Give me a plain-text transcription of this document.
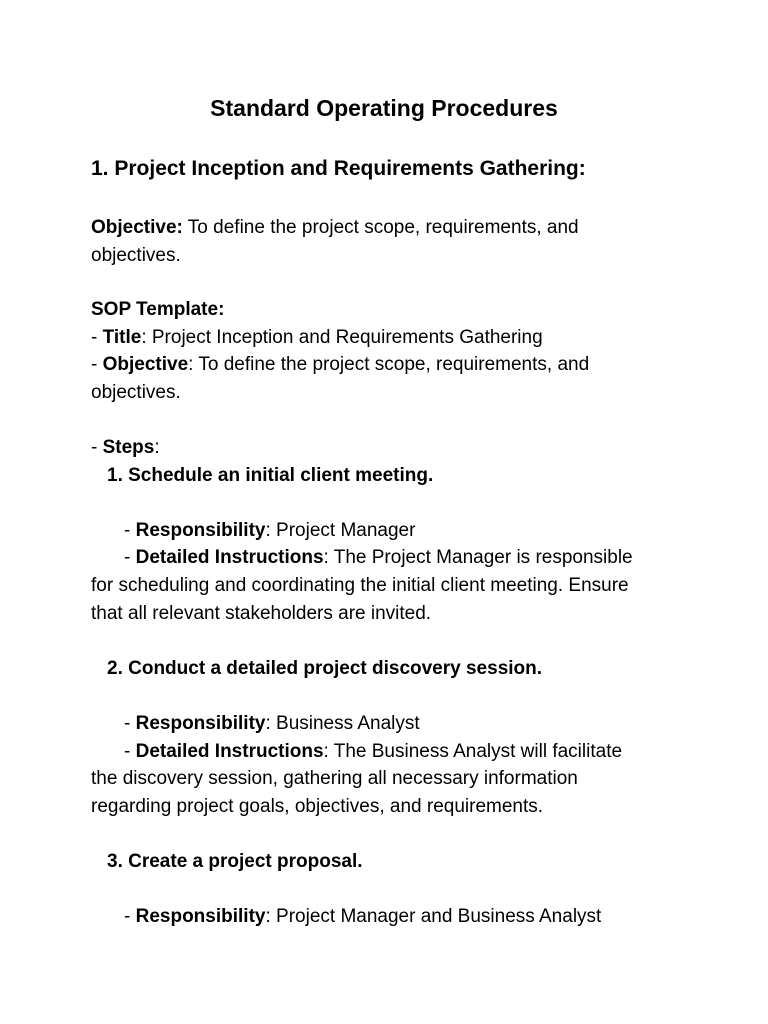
Standard Operating Procedures
1. Project Inception and Requirements Gathering:
Objective: To define the project scope, requirements, and
objectives.
SOP Template:
- Title: Project Inception and Requirements Gathering
- Objective: To define the project scope, requirements, and
objectives.
- Steps:
1. Schedule an initial client meeting.
- Responsibility: Project Manager
- Detailed Instructions: The Project Manager is responsible
for scheduling and coordinating the initial client meeting. Ensure
that all relevant stakeholders are invited.
2. Conduct a detailed project discovery session.
- Responsibility: Business Analyst
- Detailed Instructions: The Business Analyst will facilitate
the discovery session, gathering all necessary information
regarding project goals, objectives, and requirements.
3. Create a project proposal.
- Responsibility: Project Manager and Business Analyst
